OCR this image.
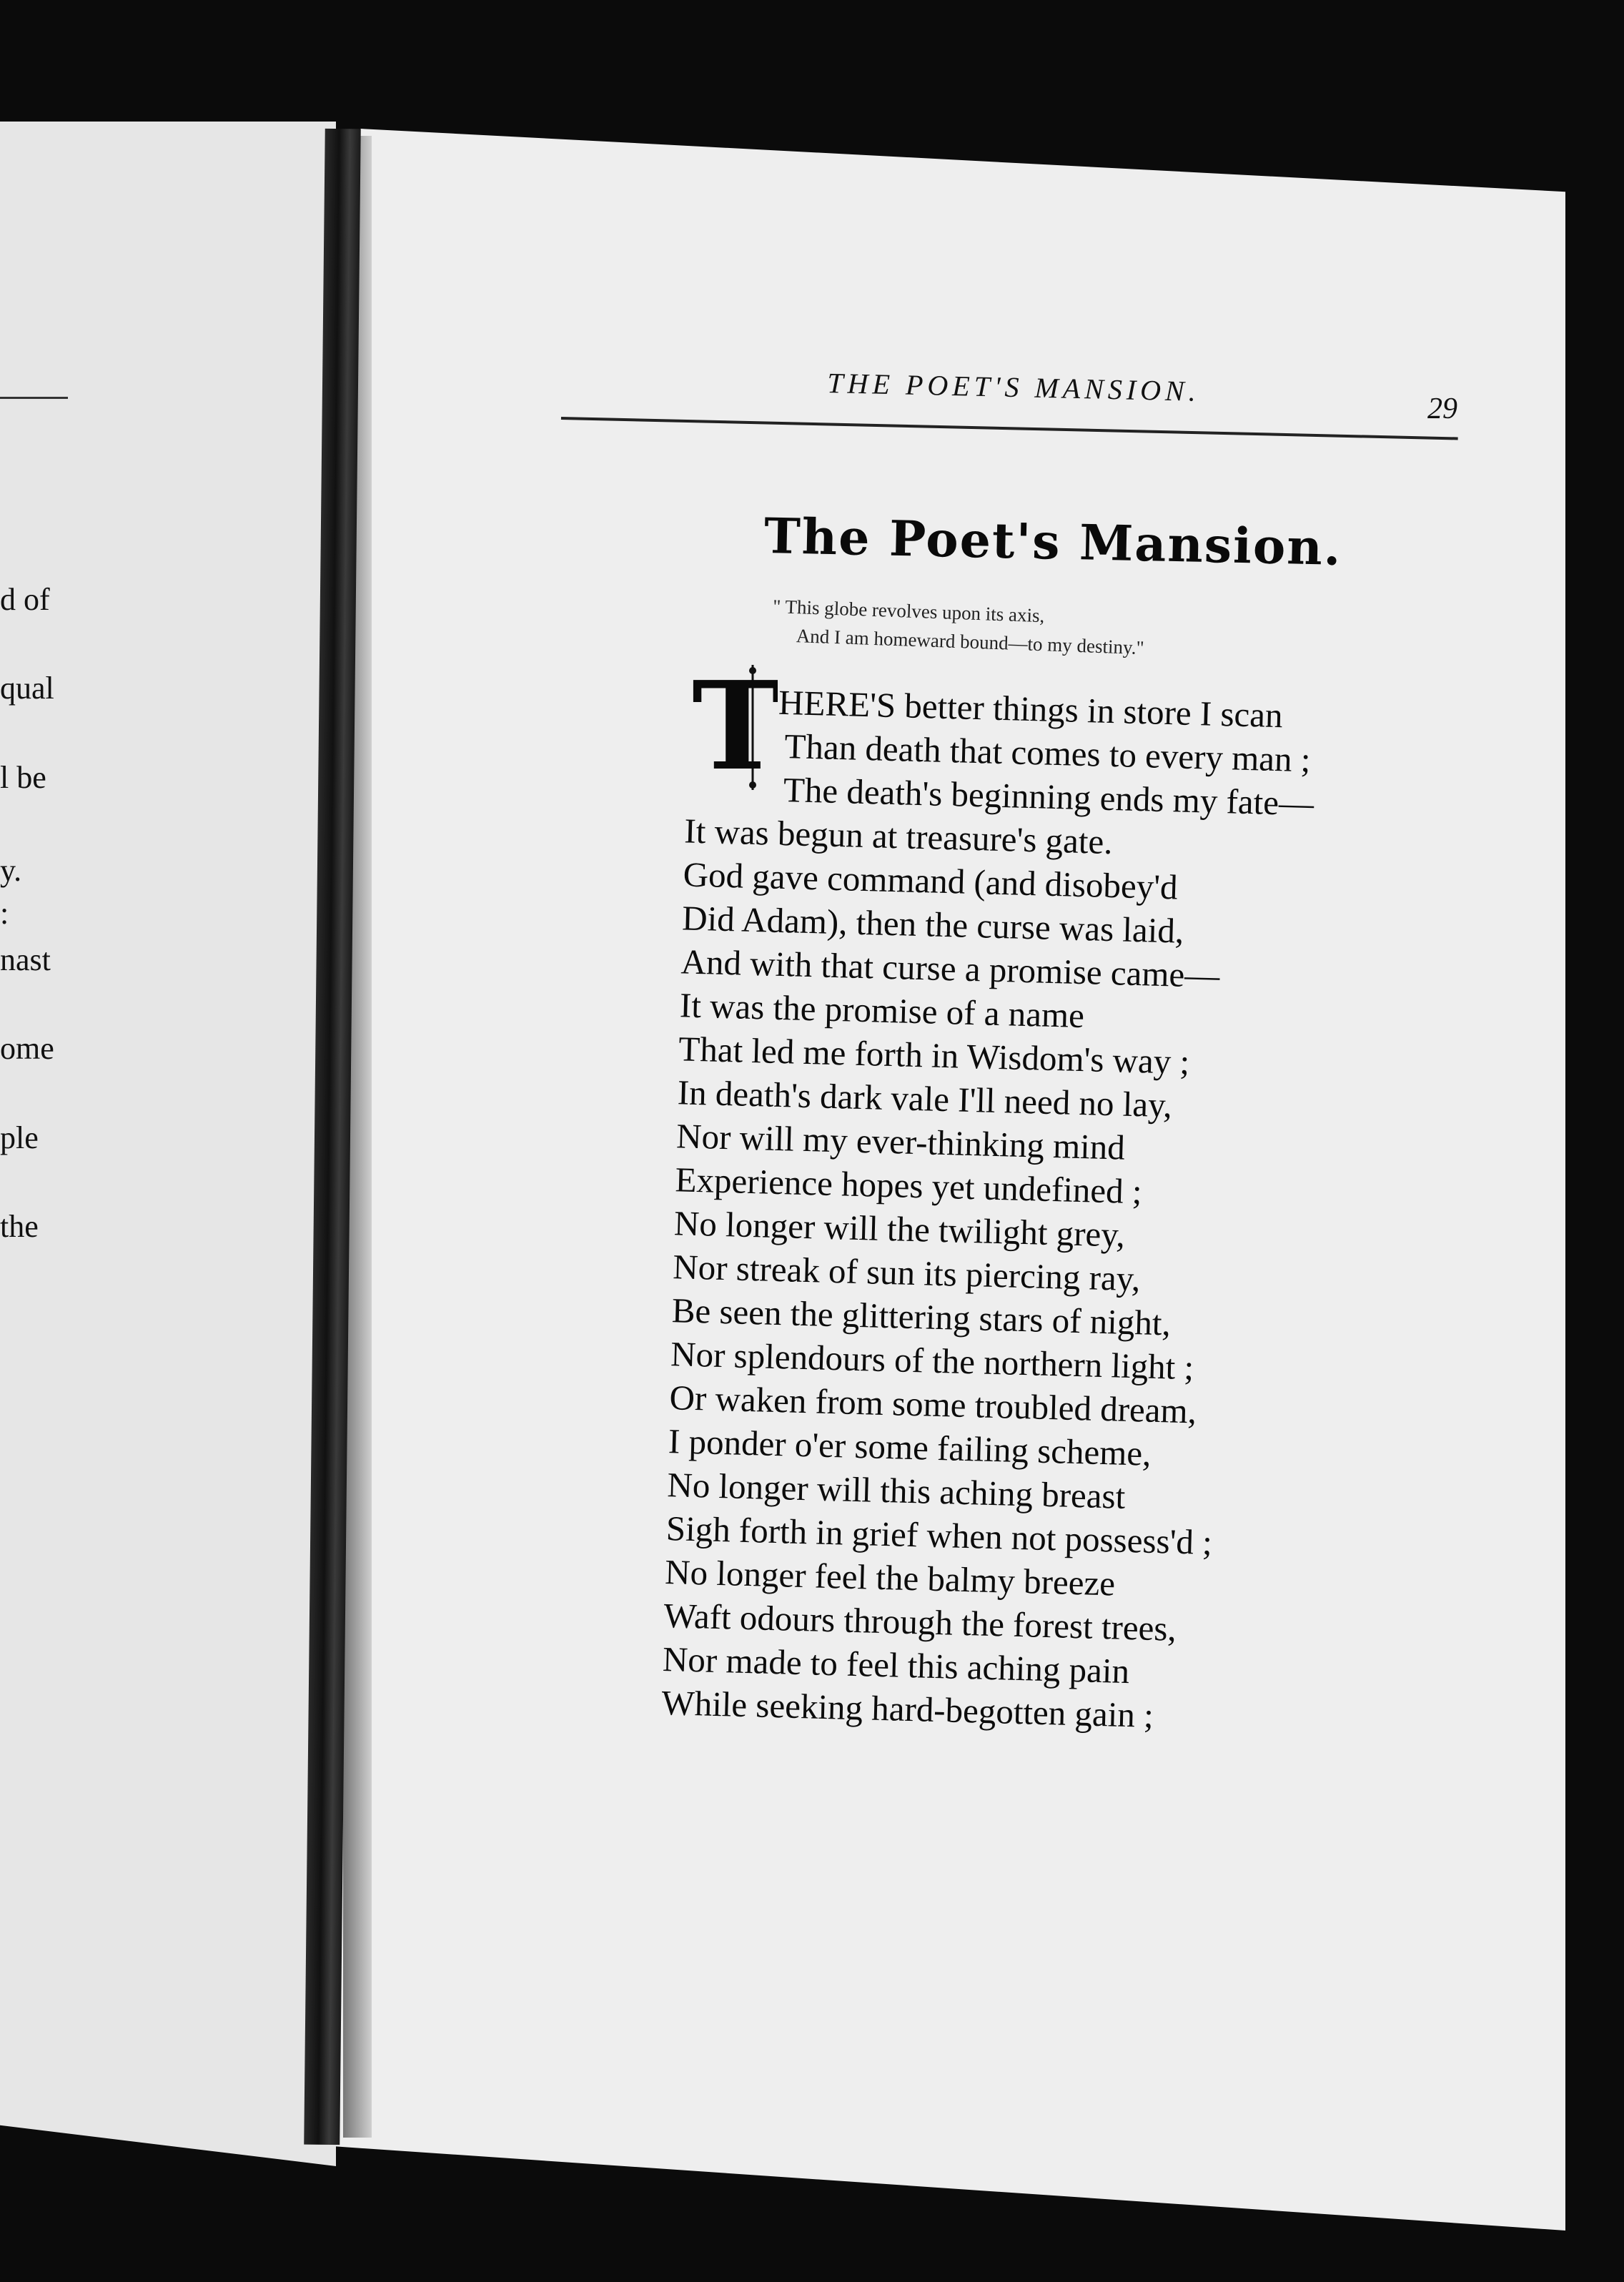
d of
qual
l be
y.
:
nast
ome
ple
the
THE POET'S MANSION.
29
The Poet's Mansion.
" This globe revolves upon its axis,
And I am homeward bound—to my destiny."
T
HERE'S better things in store I scan
Than death that comes to every man ;
The death's beginning ends my fate—
It was begun at treasure's gate.
God gave command (and disobey'd
Did Adam), then the curse was laid,
And with that curse a promise came—
It was the promise of a name
That led me forth in Wisdom's way ;
In death's dark vale I'll need no lay,
Nor will my ever-thinking mind
Experience hopes yet undefined ;
No longer will the twilight grey,
Nor streak of sun its piercing ray,
Be seen the glittering stars of night,
Nor splendours of the northern light ;
Or waken from some troubled dream,
I ponder o'er some failing scheme,
No longer will this aching breast
Sigh forth in grief when not possess'd ;
No longer feel the balmy breeze
Waft odours through the forest trees,
Nor made to feel this aching pain
While seeking hard-begotten gain ;
